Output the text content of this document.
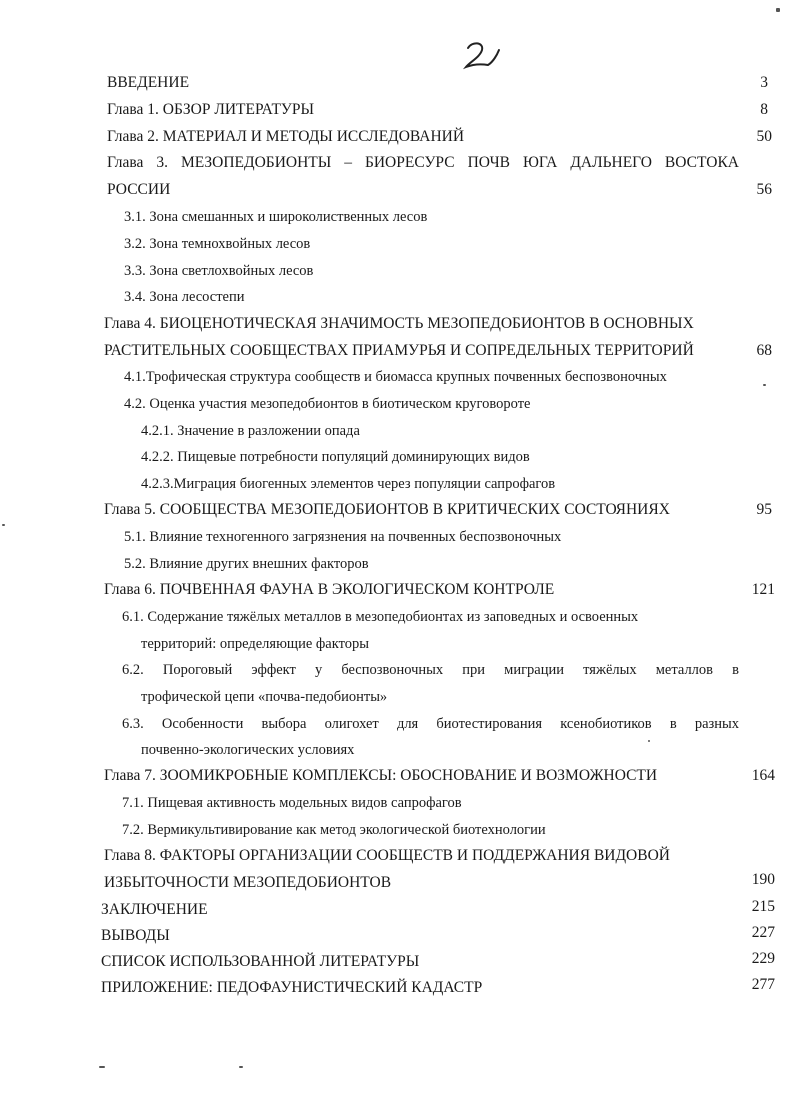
ВВЕДЕНИЕ	3
Глава 1. ОБЗОР ЛИТЕРАТУРЫ	8
Глава 2. МАТЕРИАЛ И МЕТОДЫ ИССЛЕДОВАНИЙ	50
Глава 3. МЕЗОПЕДОБИОНТЫ – БИОРЕСУРС ПОЧВ ЮГА ДАЛЬНЕГО ВОСТОКА
РОССИИ	56
3.1. Зона смешанных и широколиственных лесов
3.2. Зона темнохвойных лесов
3.3. Зона светлохвойных лесов
3.4. Зона лесостепи
Глава 4. БИОЦЕНОТИЧЕСКАЯ ЗНАЧИМОСТЬ МЕЗОПЕДОБИОНТОВ В ОСНОВНЫХ
РАСТИТЕЛЬНЫХ СООБЩЕСТВАХ ПРИАМУРЬЯ И СОПРЕДЕЛЬНЫХ ТЕРРИТОРИЙ	68
4.1.Трофическая структура сообществ и биомасса крупных почвенных беспозвоночных
4.2. Оценка участия мезопедобионтов в биотическом круговороте
4.2.1. Значение в разложении опада
4.2.2. Пищевые потребности популяций доминирующих видов
4.2.3.Миграция биогенных элементов через популяции сапрофагов
Глава 5. СООБЩЕСТВА МЕЗОПЕДОБИОНТОВ В КРИТИЧЕСКИХ СОСТОЯНИЯХ	95
5.1. Влияние техногенного загрязнения на почвенных беспозвоночных
5.2. Влияние других внешних факторов
Глава 6. ПОЧВЕННАЯ ФАУНА В ЭКОЛОГИЧЕСКОМ КОНТРОЛЕ	121
6.1. Содержание тяжёлых металлов в мезопедобионтах из заповедных и освоенных
территорий: определяющие факторы
6.2. Пороговый эффект у беспозвоночных при миграции тяжёлых металлов в
трофической цепи «почва-педобионты»
6.3. Особенности выбора олигохет для биотестирования ксенобиотиков в разных
почвенно-экологических условиях
Глава 7. ЗООМИКРОБНЫЕ КОМПЛЕКСЫ: ОБОСНОВАНИЕ И ВОЗМОЖНОСТИ	164
7.1. Пищевая активность модельных видов сапрофагов
7.2. Вермикультивирование как метод экологической биотехнологии
Глава 8. ФАКТОРЫ ОРГАНИЗАЦИИ СООБЩЕСТВ И ПОДДЕРЖАНИЯ ВИДОВОЙ
ИЗБЫТОЧНОСТИ МЕЗОПЕДОБИОНТОВ	190
ЗАКЛЮЧЕНИЕ	215
ВЫВОДЫ	227
СПИСОК ИСПОЛЬЗОВАННОЙ ЛИТЕРАТУРЫ	229
ПРИЛОЖЕНИЕ: ПЕДОФАУНИСТИЧЕСКИЙ КАДАСТР	277
